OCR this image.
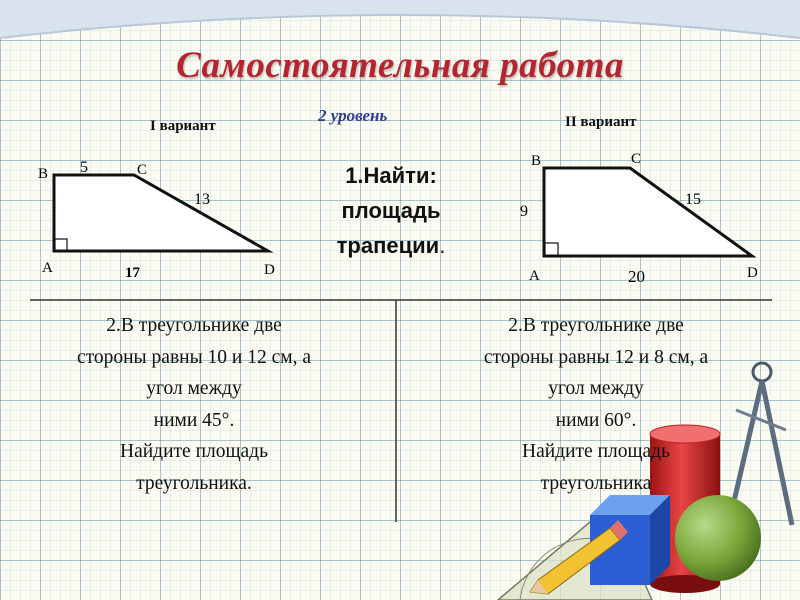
Самостоятельная работа
2 уровень
I вариант	II вариант
B	C
A	D
5
13
17
B	C
A	D
9
15
20
1.Найти:
площадь
трапеции.
2.В треугольнике две
стороны равны 10 и 12 см, а
угол между
ними 45°.
Найдите площадь
треугольника.
2.В треугольнике две
стороны равны 12 и 8 см, а
угол между
ними 60°.
Найдите площадь
треугольника
